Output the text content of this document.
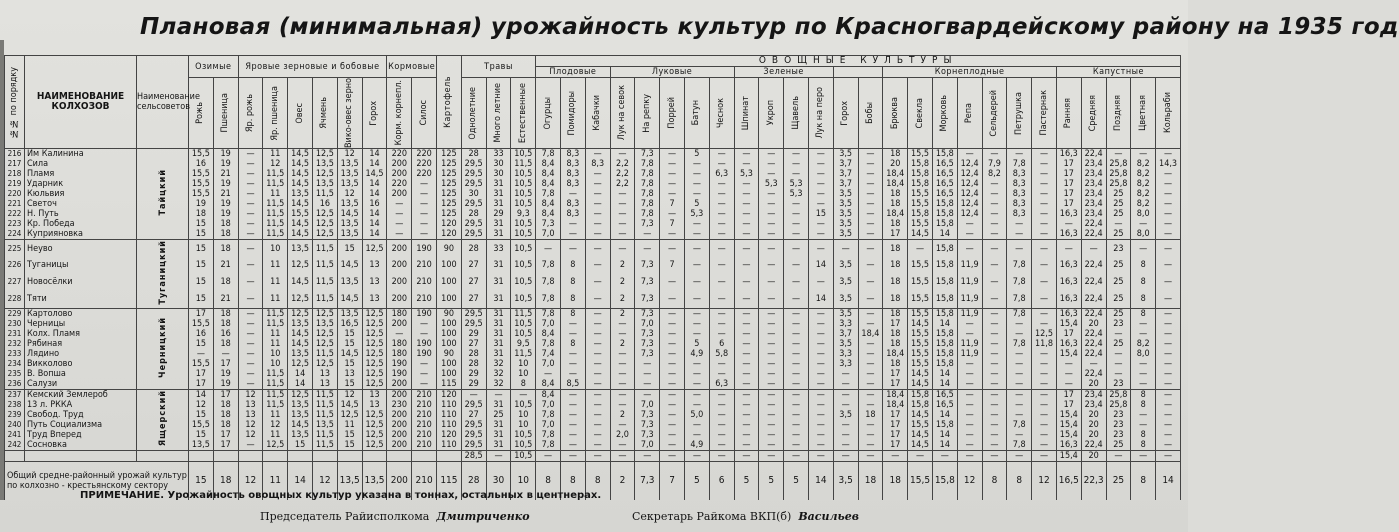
Плановая (минимальная) урожайность культур по Красногвардейскому району на 1935 год
№№ по порядку	НАИМЕНОВАНИЕ
КОЛХОЗОВ	Наименование сельсоветов	Озимые		Яровые зерновые и бобовые						Кормовые		Картофель	Травы			ОВОЩНЫЕ КУЛЬТУРЫ																									
																	Плодовые			Луковые					Зеленые						Корнеплодные							Капустные				

			Рожь	Пшеница	Яр. рожь	Яр. пшеница	Овес	Ячмень	Вико-овес зерно	Горох	Корм. корнепл.	Силос		Однолетние	Много летние	Естественные	Огурцы	Помидоры	Кабачки	Лук на севок	На репку	Поррей	Батун	Чеснок	Шпинат	Укроп	Щавель	Лук на перо	Горох	Бобы	Брюква	Свекла	Морковь	Репа	Сельдерей	Петрушка	Пастернак	Ранняя	Средняя	Поздняя	Цветная	Кольраби

216	Им Калинина	Тайцкий	15,5	19	—	11	14,5	12,5	12	14	220	220	125	28	33	10,5	7,8	8,3	—	—	7,3	—	5	—	—	—	—	—	3,5	—	18	15,5	15,8	—	—	—	—	16,3	22,4	—	—	—
217	Сила		16	19	—	12	14,5	13,5	13,5	14	200	220	125	29,5	30	11,5	8,4	8,3	8,3	2,2	7,8	—	—	—	—	—	—	—	3,7	—	20	15,8	16,5	12,4	7,9	7,8	—	17	23,4	25,8	8,2	14,3
218	Пламя		15,5	21	—	11,5	14,5	12,5	13,5	14,5	200	220	125	29,5	30	10,5	8,4	8,3	—	2,2	7,8	—	—	6,3	5,3	—	—	—	3,7	—	18,4	15,8	16,5	12,4	8,2	8,3	—	17	23,4	25,8	8,2	—
219	Ударник		15,5	19	—	11,5	14,5	13,5	13,5	14	220	—	125	29,5	31	10,5	8,4	8,3	—	2,2	7,8	—	—	—	—	5,3	5,3	—	3,7	—	18,4	15,8	16,5	12,4	—	8,3	—	17	23,4	25,8	8,2	—
220	Кюльвия		15,5	21	—	11	13,5	11,5	12	14	200	—	125	30	31	10,5	7,8	—	—	—	7,8	—	—	—	—	—	5,3	—	3,5	—	18	15,5	16,5	12,4	—	8,3	—	17	23,4	25	8,2	—
221	Светоч		19	19	—	11,5	14,5	16	13,5	16	—	—	125	29,5	31	10,5	8,4	8,3	—	—	7,8	7	5	—	—	—	—	—	3,5	—	18	15,5	15,8	12,4	—	8,3	—	17	23,4	25	8,2	—
222	Н. Путь		18	19	—	11,5	15,5	12,5	14,5	14	—	—	125	28	29	9,3	8,4	8,3	—	—	7,8	—	5,3	—	—	—	—	15	3,5	—	18,4	15,8	15,8	12,4	—	8,3	—	16,3	23,4	25	8,0	—
223	Кр. Победа		15	18	—	11,5	14,5	12,5	13,5	14	—	—	120	29,5	31	10,5	7,3	—	—	—	7,3	7	—	—	—	—	—	—	3,5	—	18	15,5	15,8	—	—	—	—	—	22,4	—	—	—
224	Куприяновка		15	18	—	11,5	14,5	12,5	13,5	14	—	—	120	29,5	31	10,5	7,0	—	—	—	—	—	—	—	—	—	—	—	3,5	—	17	14,5	14	—	—	—	—	16,3	22,4	25	8,0	—
225	Неуво	Туганицкий	15	18	—	10	13,5	11,5	15	12,5	200	190	90	28	33	10,5	—	—	—	—	—	—	—	—	—	—	—	—	—	—	18	—	15,8	—	—	—	—	—	—	23	—	—
226	Туганицы		15	21	—	11	12,5	11,5	14,5	13	200	210	100	27	31	10,5	7,8	8	—	2	7,3	7	—	—	—	—	—	14	3,5	—	18	15,5	15,8	11,9	—	7,8	—	16,3	22,4	25	8	—
227	Новосёлки		15	18	—	11	14,5	11,5	13,5	13	200	210	100	27	31	10,5	7,8	8	—	2	7,3	—	—	—	—	—	—	—	3,5	—	18	15,5	15,8	11,9	—	7,8	—	16,3	22,4	25	8	—
228	Тяти		15	21	—	11	12,5	11,5	14,5	13	200	210	100	27	31	10,5	7,8	8	—	2	7,3	—	—	—	—	—	—	14	3,5	—	18	15,5	15,8	11,9	—	7,8	—	16,3	22,4	25	8	—
229	Картолово	Черницкий	17	18	—	11,5	12,5	12,5	13,5	12,5	180	190	90	29,5	31	11,5	7,8	8	—	2	7,3	—	—	—	—	—	—	—	3,5	—	18	15,5	15,8	11,9	—	7,8	—	16,3	22,4	25	8	—
230	Черницы		15,5	18	—	11,5	13,5	13,5	16,5	12,5	200	—	100	29,5	31	10,5	7,0	—	—	—	7,0	—	—	—	—	—	—	—	3,3	—	17	14,5	14	—	—	—	—	15,4	20	23	—	—
231	Колх. Пламя		16	16	—	11	14,5	12,5	15	12,5	—	—	100	29	31	10,5	8,4	—	—	—	7,3	—	—	—	—	—	—	—	3,7	18,4	18	15,5	15,8	—	—	—	12,5	17	22,4	—	—	—
232	Рябиная		15	18	—	11	14,5	12,5	15	12,5	180	190	100	27	31	9,5	7,8	8	—	2	7,3	—	5	6	—	—	—	—	3,5	—	18	15,5	15,8	11,9	—	7,8	11,8	16,3	22,4	25	8,2	—
233	Лядино		—	—	—	10	13,5	11,5	14,5	12,5	180	190	90	28	31	11,5	7,4	—	—	—	7,3	—	4,9	5,8	—	—	—	—	3,3	—	18,4	15,5	15,8	11,9	—	—	—	15,4	22,4	—	8,0	—
234	Викколово		15,5	17	—	10	12,5	12,5	15	12,5	190	—	100	28	32	10	7,0	—	—	—	—	—	—	—	—	—	—	—	3,3	—	18	15,5	15,8	—	—	—	—	—	—	—	—	—
235	В. Вопша		17	19	—	11,5	14	13	13	12,5	190	—	100	29	32	10	—	—	—	—	—	—	—	—	—	—	—	—	—	—	17	14,5	14	—	—	—	—	—	22,4	—	—	—
236	Салузи		17	19	—	11,5	14	13	15	12,5	200	—	115	29	32	8	8,4	8,5	—	—	—	—	—	6,3	—	—	—	—	—	—	17	14,5	14	—	—	—	—	—	20	23	—	—
237	Кемский Землероб	Ящерский	14	17	12	11,5	12,5	11,5	12	13	200	210	120	—	—	—	8,4	—	—	—	—	—	—	—	—	—	—	—	—	—	18,4	15,8	16,5	—	—	—	—	17	23,4	25,8	8	—
238	13 л. РККА		12	18	13	11,5	13,5	11,5	14,5	13	230	210	110	29,5	31	10,5	7,0	—	—	—	7,0	—	—	—	—	—	—	—	—	—	18,4	15,8	16,5	—	—	—	—	17	23,4	25,8	8	—
239	Свобод. Труд		15	18	13	11	13,5	11,5	12,5	12,5	200	210	110	27	25	10	7,8	—	—	2	7,3	—	5,0	—	—	—	—	—	3,5	18	17	14,5	14	—	—	—	—	15,4	20	23	—	—
240	Путь Социализма		15,5	18	12	12	14,5	13,5	11	12,5	200	210	110	29,5	31	10	7,0	—	—	—	7,3	—	—	—	—	—	—	—	—	—	17	15,5	15,8	—	—	7,8	—	15,4	20	23	—	—
241	Труд Вперед		15	17	12	11	13,5	11,5	15	12,5	200	210	120	29,5	31	10,5	7,8	—	—	2,0	7,3	—	—	—	—	—	—	—	—	—	17	14,5	14	—	—	—	—	15,4	20	23	8	—
242	Сосновка		13,5	17	—	12,5	15	11,5	15	12,5	200	210	110	29,5	31	10,5	7,8	—	—	—	7,0	—	4,9	—	—	—	—	—	—	—	17	14,5	14	—	—	7,8	—	16,3	22,4	25	8	—
														28,5	—	10,5	—	—	—	—	—	—	—	—	—	—	—	—	—	—	—	—	—	—	—	—	—	15,4	20	—	—	—
Общий средне-районный урожай культур по колхозно - крестьянскому сектору			15	18	12	11	14	12	13,5	13,5	200	210	115	28	30	10	8	8	8	2	7,3	7	5	6	5	5	5	14	3,5	18	18	15,5	15,8	12	8	8	12	16,5	22,3	25	8	14
ПРИМЕЧАНИЕ. Урожайность овощных культур указана в тоннах, остальных в центнерах.
Председатель Райисполкома Дмитриченко	Секретарь Райкома ВКП(б) Васильев
